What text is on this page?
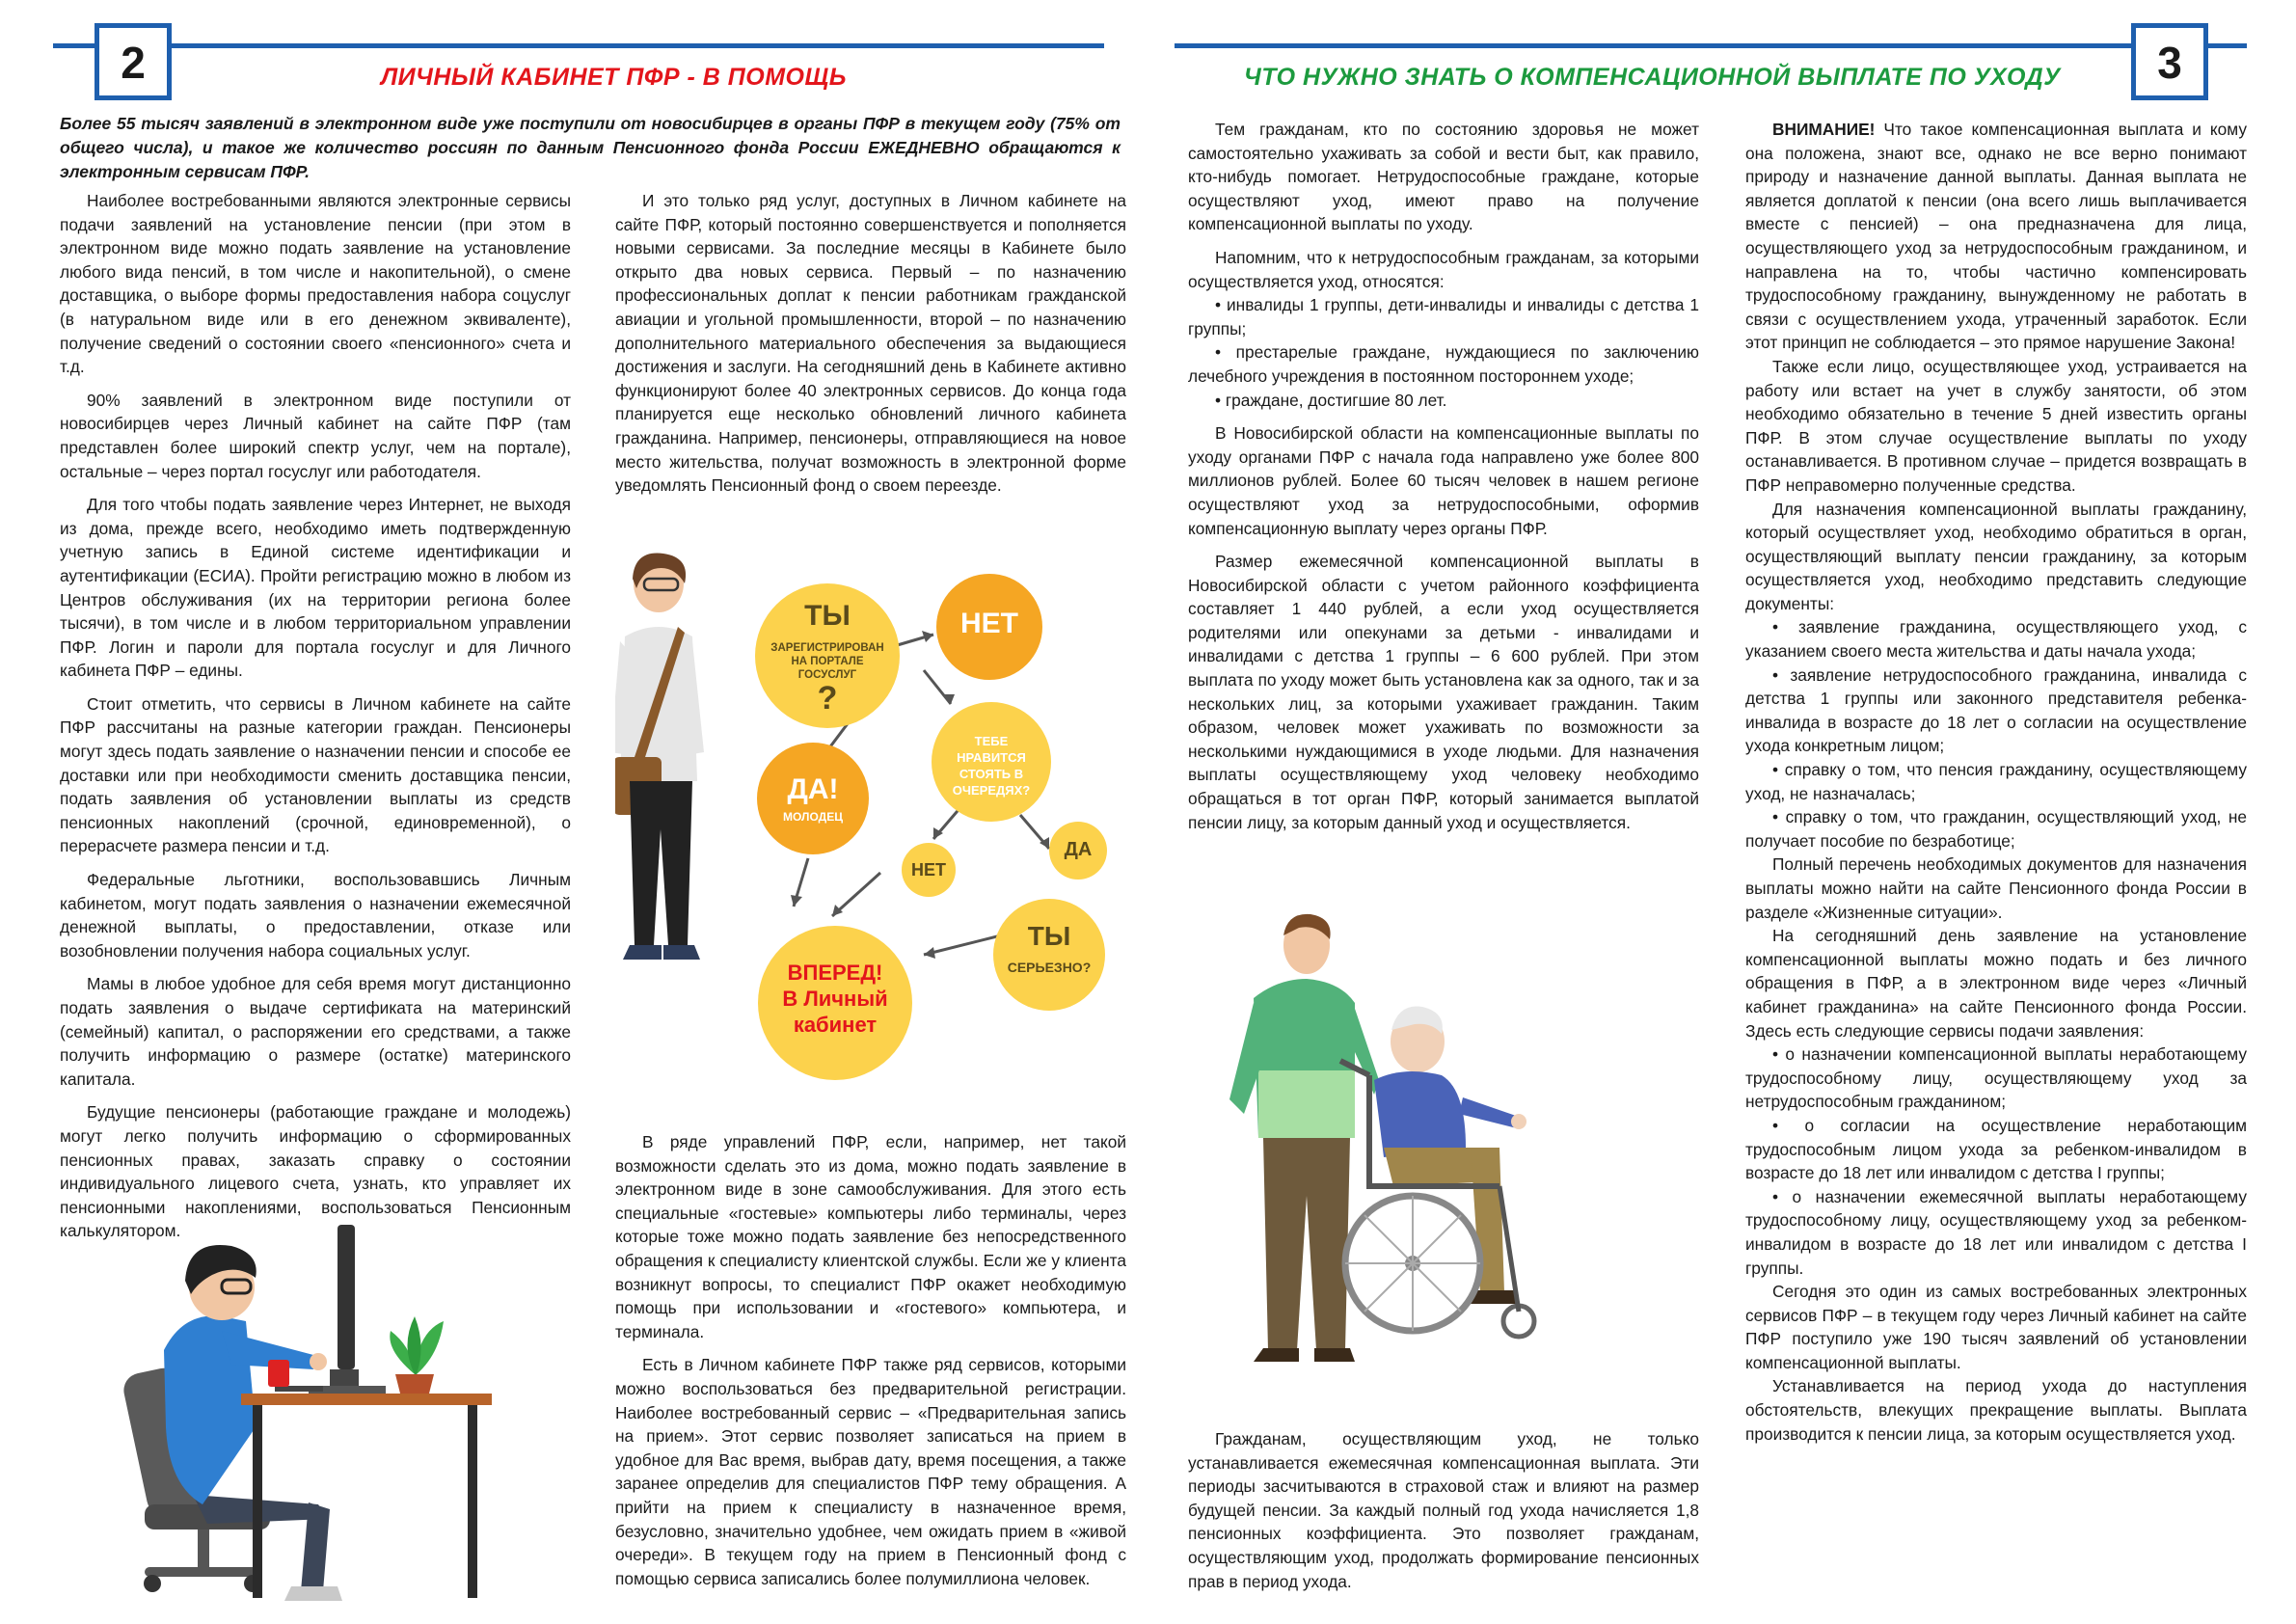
2	ЛИЧНЫЙ КАБИНЕТ ПФР - В ПОМОЩЬ
Более 55 тысяч заявлений в электронном виде уже поступили от новосибирцев в органы ПФР в текущем году (75% от общего числа), и такое же количество россиян по данным Пенсионного фонда России ЕЖЕДНЕВНО обращаются к электронным сервисам ПФР.
3
ЧТО НУЖНО ЗНАТЬ О КОМПЕНСАЦИОННОЙ ВЫПЛАТЕ ПО УХОДУ

Наиболее востребованными являются электронные сервисы подачи заявлений на установление пенсии (при этом в электронном виде можно подать заявление на установление любого вида пенсий, в том числе и накопительной), о смене доставщика, о выборе формы предоставления набора соцуслуг (в натуральном виде или в его денежном эквиваленте), получение сведений о состоянии своего «пенсионного» счета и т.д.

90% заявлений в электронном виде поступили от новосибирцев через Личный кабинет на сайте ПФР (там представлен более широкий спектр услуг, чем на портале), остальные – через портал госуслуг или работодателя.

Для того чтобы подать заявление через Интернет, не выходя из дома, прежде всего, необходимо иметь подтвержденную учетную запись в Единой системе идентификации и аутентификации (ЕСИА). Пройти регистрацию можно в любом из Центров обслуживания (их на территории региона более тысячи), в том числе и в любом территориальном управлении ПФР. Логин и пароли для портала госуслуг и для Личного кабинета ПФР – едины.

Стоит отметить, что сервисы в Личном кабинете на сайте ПФР рассчитаны на разные категории граждан. Пенсионеры могут здесь подать заявление о назначении пенсии и способе ее доставки или при необходимости сменить доставщика пенсии, подать заявления об установлении выплаты из средств пенсионных накоплений (срочной, единовременной), о перерасчете размера пенсии и т.д.

Федеральные льготники, воспользовавшись Личным кабинетом, могут подать заявления о назначении ежемесячной денежной выплаты, о предоставлении, отказе или возобновлении получения набора социальных услуг.

Мамы в любое удобное для себя время могут дистанционно подать заявления о выдаче сертификата на материнский (семейный) капитал, о распоряжении его средствами, а также получить информацию о размере (остатке) материнского капитала.

Будущие пенсионеры (работающие граждане и молодежь) могут легко получить информацию о сформированных пенсионных правах, заказать справку о состоянии индивидуального лицевого счета, узнать, кто управляет их пенсионными накоплениями, воспользоваться Пенсионным калькулятором.

И это только ряд услуг, доступных в Личном кабинете на сайте ПФР, который постоянно совершенствуется и пополняется новыми сервисами. За последние месяцы в Кабинете было открыто два новых сервиса. Первый – по назначению профессиональных доплат к пенсии работникам гражданской авиации и угольной промышленности, второй – по назначению дополнительного материального обеспечения за выдающиеся достижения и заслуги. На сегодняшний день в Кабинете активно функционируют более 40 электронных сервисов. До конца года планируется еще несколько обновлений личного кабинета гражданина. Например, пенсионеры, отправляющиеся на новое место жительства, получат возможность в электронной форме уведомлять Пенсионный фонд о своем переезде.

ТЫ
ЗАРЕГИСТРИРОВАН НА ПОРТАЛЕ ГОСУСЛУГ
?
НЕТ
ТЕБЕ НРАВИТСЯ СТОЯТЬ В ОЧЕРЕДЯХ?
ДА!
МОЛОДЕЦ
НЕТ
ДА
ТЫ
СЕРЬЕЗНО?
ВПЕРЕД! В Личный кабинет

В ряде управлений ПФР, если, например, нет такой возможности сделать это из дома, можно подать заявление в электронном виде в зоне самообслуживания. Для этого есть специальные «гостевые» компьютеры либо терминалы, через которые тоже можно подать заявление без непосредственного обращения к специалисту клиентской службы. Если же у клиента возникнут вопросы, то специалист ПФР окажет необходимую помощь при использовании и «гостевого» компьютера, и терминала.

Есть в Личном кабинете ПФР также ряд сервисов, которыми можно воспользоваться без предварительной регистрации. Наиболее востребованный сервис – «Предварительная запись на прием». Этот сервис позволяет записаться на прием в удобное для Вас время, выбрав дату, время посещения, а также заранее определив для специалистов ПФР тему обращения. А прийти на прием к специалисту в назначенное время, безусловно, значительно удобнее, чем ожидать прием в «живой очереди». В текущем году на прием в Пенсионный фонд с помощью сервиса записались более полумиллиона человек.

Тем гражданам, кто по состоянию здоровья не может самостоятельно ухаживать за собой и вести быт, как правило, кто-нибудь помогает. Нетрудоспособные граждане, которые осуществляют уход, имеют право на получение компенсационной выплаты по уходу.

Напомним, что к нетрудоспособным гражданам, за которыми осуществляется уход, относятся:

• инвалиды 1 группы, дети-инвалиды и инвалиды с детства 1 группы;

• престарелые граждане, нуждающиеся по заключению лечебного учреждения в постоянном постороннем уходе;

• граждане, достигшие 80 лет.

В Новосибирской области на компенсационные выплаты по уходу органами ПФР с начала года направлено уже более 800 миллионов рублей. Более 60 тысяч человек в нашем регионе осуществляют уход за нетрудоспособными, оформив компенсационную выплату через органы ПФР.

Размер ежемесячной компенсационной выплаты в Новосибирской области с учетом районного коэффициента составляет 1 440 рублей, а если уход осуществляется родителями или опекунами за детьми - инвалидами и инвалидами с детства 1 группы – 6 600 рублей. При этом выплата по уходу может быть установлена как за одного, так и за нескольких лиц, за которыми ухаживает гражданин. Таким образом, человек может ухаживать по возможности за несколькими нуждающимися в уходе людьми. Для назначения выплаты осуществляющему уход человеку необходимо обращаться в тот орган ПФР, который занимается выплатой пенсии лицу, за которым данный уход и осуществляется.

Гражданам, осуществляющим уход, не только устанавливается ежемесячная компенсационная выплата. Эти периоды засчитываются в страховой стаж и влияют на размер будущей пенсии. За каждый полный год ухода начисляется 1,8 пенсионных коэффициента. Это позволяет гражданам, осуществляющим уход, продолжать формирование пенсионных прав в период ухода.

ВНИМАНИЕ! Что такое компенсационная выплата и кому она положена, знают все, однако не все верно понимают природу и назначение данной выплаты. Данная выплата не является доплатой к пенсии (она всего лишь выплачивается вместе с пенсией) – она предназначена для лица, осуществляющего уход за нетрудоспособным гражданином, и направлена на то, чтобы частично компенсировать трудоспособному гражданину, вынужденному не работать в связи с осуществлением ухода, утраченный заработок. Если этот принцип не соблюдается – это прямое нарушение Закона!

Также если лицо, осуществляющее уход, устраивается на работу или встает на учет в службу занятости, об этом необходимо обязательно в течение 5 дней известить органы ПФР. В этом случае осуществление выплаты по уходу останавливается. В противном случае – придется возвращать в ПФР неправомерно полученные средства.

Для назначения компенсационной выплаты гражданину, который осуществляет уход, необходимо обратиться в орган, осуществляющий выплату пенсии гражданину, за которым осуществляется уход, необходимо представить следующие документы:

• заявление гражданина, осуществляющего уход, с указанием своего места жительства и даты начала ухода;

• заявление нетрудоспособного гражданина, инвалида с детства 1 группы или законного представителя ребенка-инвалида в возрасте до 18 лет о согласии на осуществление ухода конкретным лицом;

• справку о том, что пенсия гражданину, осуществляющему уход, не назначалась;

• справку о том, что гражданин, осуществляющий уход, не получает пособие по безработице;

Полный перечень необходимых документов для назначения выплаты можно найти на сайте Пенсионного фонда России в разделе «Жизненные ситуации».

На сегодняшний день заявление на установление компенсационной выплаты можно подать и без личного обращения в ПФР, а в электронном виде через «Личный кабинет гражданина» на сайте Пенсионного фонда России. Здесь есть следующие сервисы подачи заявления:

• о назначении компенсационной выплаты неработающему трудоспособному лицу, осуществляющему уход за нетрудоспособным гражданином;

• о согласии на осуществление неработающим трудоспособным лицом ухода за ребенком-инвалидом в возрасте до 18 лет или инвалидом с детства I группы;

• о назначении ежемесячной выплаты неработающему трудоспособному лицу, осуществляющему уход за ребенком-инвалидом в возрасте до 18 лет или инвалидом с детства I группы.

Сегодня это один из самых востребованных электронных сервисов ПФР – в текущем году через Личный кабинет на сайте ПФР поступило уже 190 тысяч заявлений об установлении компенсационной выплаты.

Устанавливается на период ухода до наступления обстоятельств, влекущих прекращение выплаты. Выплата производится к пенсии лица, за которым осуществляется уход.
